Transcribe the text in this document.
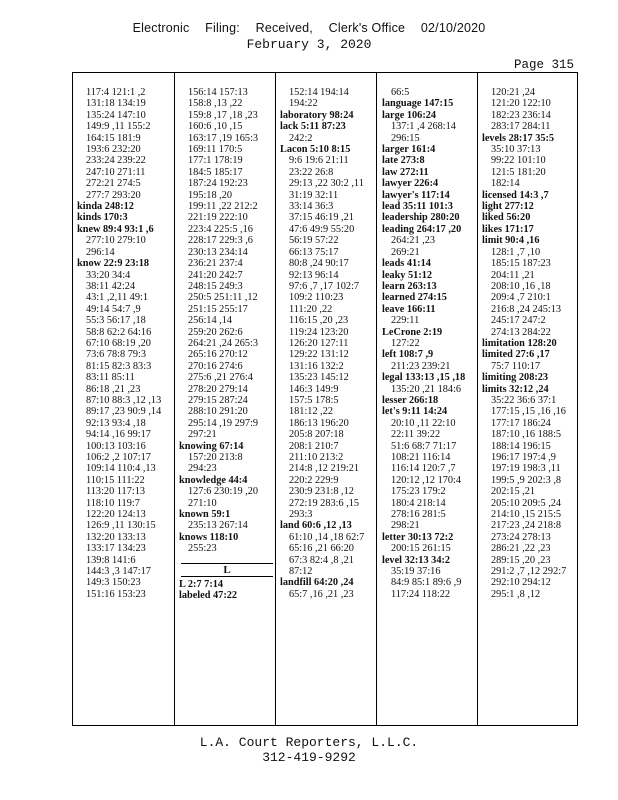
Electronic Filing: Received, Clerk's Office 02/10/2020
February 3, 2020
Page 315
117:4 121:1 ,2
131:18 134:19
135:24 147:10
149:9 ,11 155:2
164:15 181:9
193:6 232:20
233:24 239:22
247:10 271:11
272:21 274:5
277:7 293:20
kinda 248:12
kinds 170:3
knew 89:4 93:1 ,6
277:10 279:10
296:14
know 22:9 23:18
33:20 34:4
38:11 42:24
43:1 ,2,11 49:1
49:14 54:7 ,9
55:3 56:17 ,18
58:8 62:2 64:16
67:10 68:19 ,20
73:6 78:8 79:3
81:15 82:3 83:3
83:11 85:11
86:18 ,21 ,23
87:10 88:3 ,12 ,13
89:17 ,23 90:9 ,14
92:13 93:4 ,18
94:14 ,16 99:17
100:13 103:16
106:2 ,2 107:17
109:14 110:4 ,13
110:15 111:22
113:20 117:13
118:10 119:7
122:20 124:13
126:9 ,11 130:15
132:20 133:13
133:17 134:23
139:8 141:6
144:3 ,3 147:17
149:3 150:23
151:16 153:23
156:14 157:13
158:8 ,13 ,22
159:8 ,17 ,18 ,23
160:6 ,10 ,15
163:17 ,19 165:3
169:11 170:5
177:1 178:19
184:5 185:17
187:24 192:23
195:18 ,20
199:11 ,22 212:2
221:19 222:10
223:4 225:5 ,16
228:17 229:3 ,6
230:13 234:14
236:21 237:4
241:20 242:7
248:15 249:3
250:5 251:11 ,12
251:15 255:17
256:14 ,14
259:20 262:6
264:21 ,24 265:3
265:16 270:12
270:16 274:6
275:6 ,21 276:4
278:20 279:14
279:15 287:24
288:10 291:20
295:14 ,19 297:9
297:21
knowing 67:14
157:20 213:8
294:23
knowledge 44:4
127:6 230:19 ,20
271:10
known 59:1
235:13 267:14
knows 118:10
255:23
L
L 2:7 7:14
labeled 47:22
152:14 194:14
194:22
laboratory 98:24
lack 5:11 87:23
242:2
Lacon 5:10 8:15
9:6 19:6 21:11
23:22 26:8
29:13 ,22 30:2 ,11
31:19 32:11
33:14 36:3
37:15 46:19 ,21
47:6 49:9 55:20
56:19 57:22
66:13 75:17
80:8 ,24 90:17
92:13 96:14
97:6 ,7 ,17 102:7
109:2 110:23
111:20 ,22
116:15 ,20 ,23
119:24 123:20
126:20 127:11
129:22 131:12
131:16 132:2
135:23 145:12
146:3 149:9
157:5 178:5
181:12 ,22
186:13 196:20
205:8 207:18
208:1 210:7
211:10 213:2
214:8 ,12 219:21
220:2 229:9
230:9 231:8 ,12
272:19 283:6 ,15
293:3
land 60:6 ,12 ,13
61:10 ,14 ,18 62:7
65:16 ,21 66:20
67:3 82:4 ,8 ,21
87:12
landfill 64:20 ,24
65:7 ,16 ,21 ,23
66:5
language 147:15
large 106:24
137:1 ,4 268:14
296:15
larger 161:4
late 273:8
law 272:11
lawyer 226:4
lawyer's 117:14
lead 35:11 101:3
leadership 280:20
leading 264:17 ,20
264:21 ,23
269:21
leads 41:14
leaky 51:12
learn 263:13
learned 274:15
leave 166:11
229:11
LeCrone 2:19
127:22
left 108:7 ,9
211:23 239:21
legal 133:13 ,15 ,18
135:20 ,21 184:6
lesser 266:18
let's 9:11 14:24
20:10 ,11 22:10
22:11 39:22
51:6 68:7 71:17
108:21 116:14
116:14 120:7 ,7
120:12 ,12 170:4
175:23 179:2
180:4 218:14
278:16 281:5
298:21
letter 30:13 72:2
200:15 261:15
level 32:13 34:2
35:19 37:16
84:9 85:1 89:6 ,9
117:24 118:22
120:21 ,24
121:20 122:10
182:23 236:14
283:17 284:11
levels 28:17 35:5
35:10 37:13
99:22 101:10
121:5 181:20
182:14
licensed 14:3 ,7
light 277:12
liked 56:20
likes 171:17
limit 90:4 ,16
128:1 ,7 ,10
185:15 187:23
204:11 ,21
208:10 ,16 ,18
209:4 ,7 210:1
216:8 ,24 245:13
245:17 247:2
274:13 284:22
limitation 128:20
limited 27:6 ,17
75:7 110:17
limiting 208:23
limits 32:12 ,24
35:22 36:6 37:1
177:15 ,15 ,16 ,16
177:17 186:24
187:10 ,16 188:5
188:14 196:15
196:17 197:4 ,9
197:19 198:3 ,11
199:5 ,9 202:3 ,8
202:15 ,21
205:10 209:5 ,24
214:10 ,15 215:5
217:23 ,24 218:8
273:24 278:13
286:21 ,22 ,23
289:15 ,20 ,23
291:2 ,7 ,12 292:7
292:10 294:12
295:1 ,8 ,12
L.A. Court Reporters, L.L.C.
312-419-9292
